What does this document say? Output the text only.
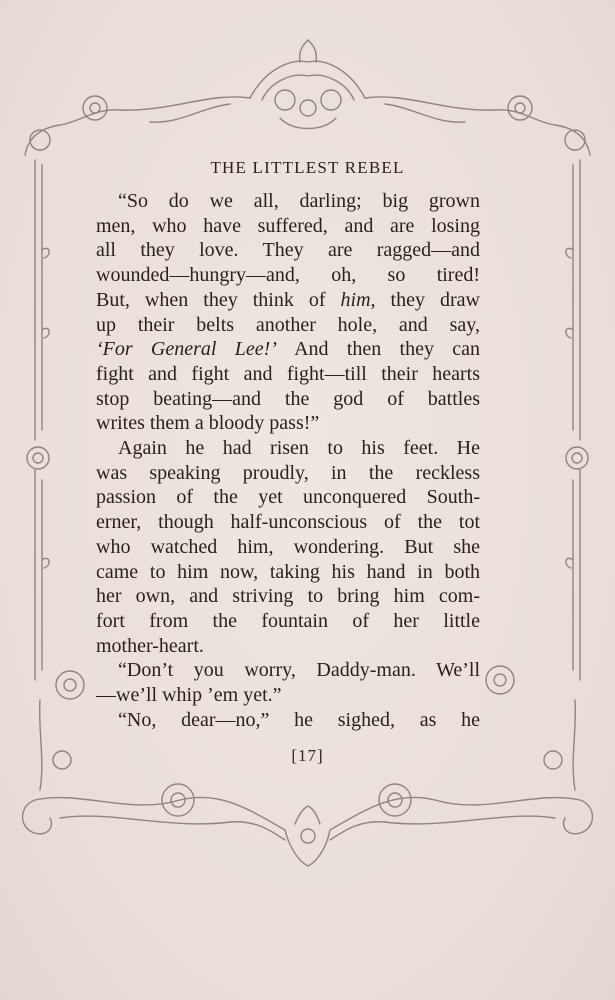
THE LITTLEST REBEL
“So do we all, darling; big grown
men, who have suffered, and are losing
all they love. They are ragged—and
wounded—hungry—and, oh, so tired!
But, when they think of him, they draw
up their belts another hole, and say,
‘For General Lee!’ And then they can
fight and fight and fight—till their hearts
stop beating—and the god of battles
writes them a bloody pass!”
Again he had risen to his feet. He
was speaking proudly, in the reckless
passion of the yet unconquered South-
erner, though half-unconscious of the tot
who watched him, wondering. But she
came to him now, taking his hand in both
her own, and striving to bring him com-
fort from the fountain of her little
mother-heart.
“Don’t you worry, Daddy-man. We’ll
—we’ll whip ’em yet.”
“No, dear—no,” he sighed, as he
[17]
